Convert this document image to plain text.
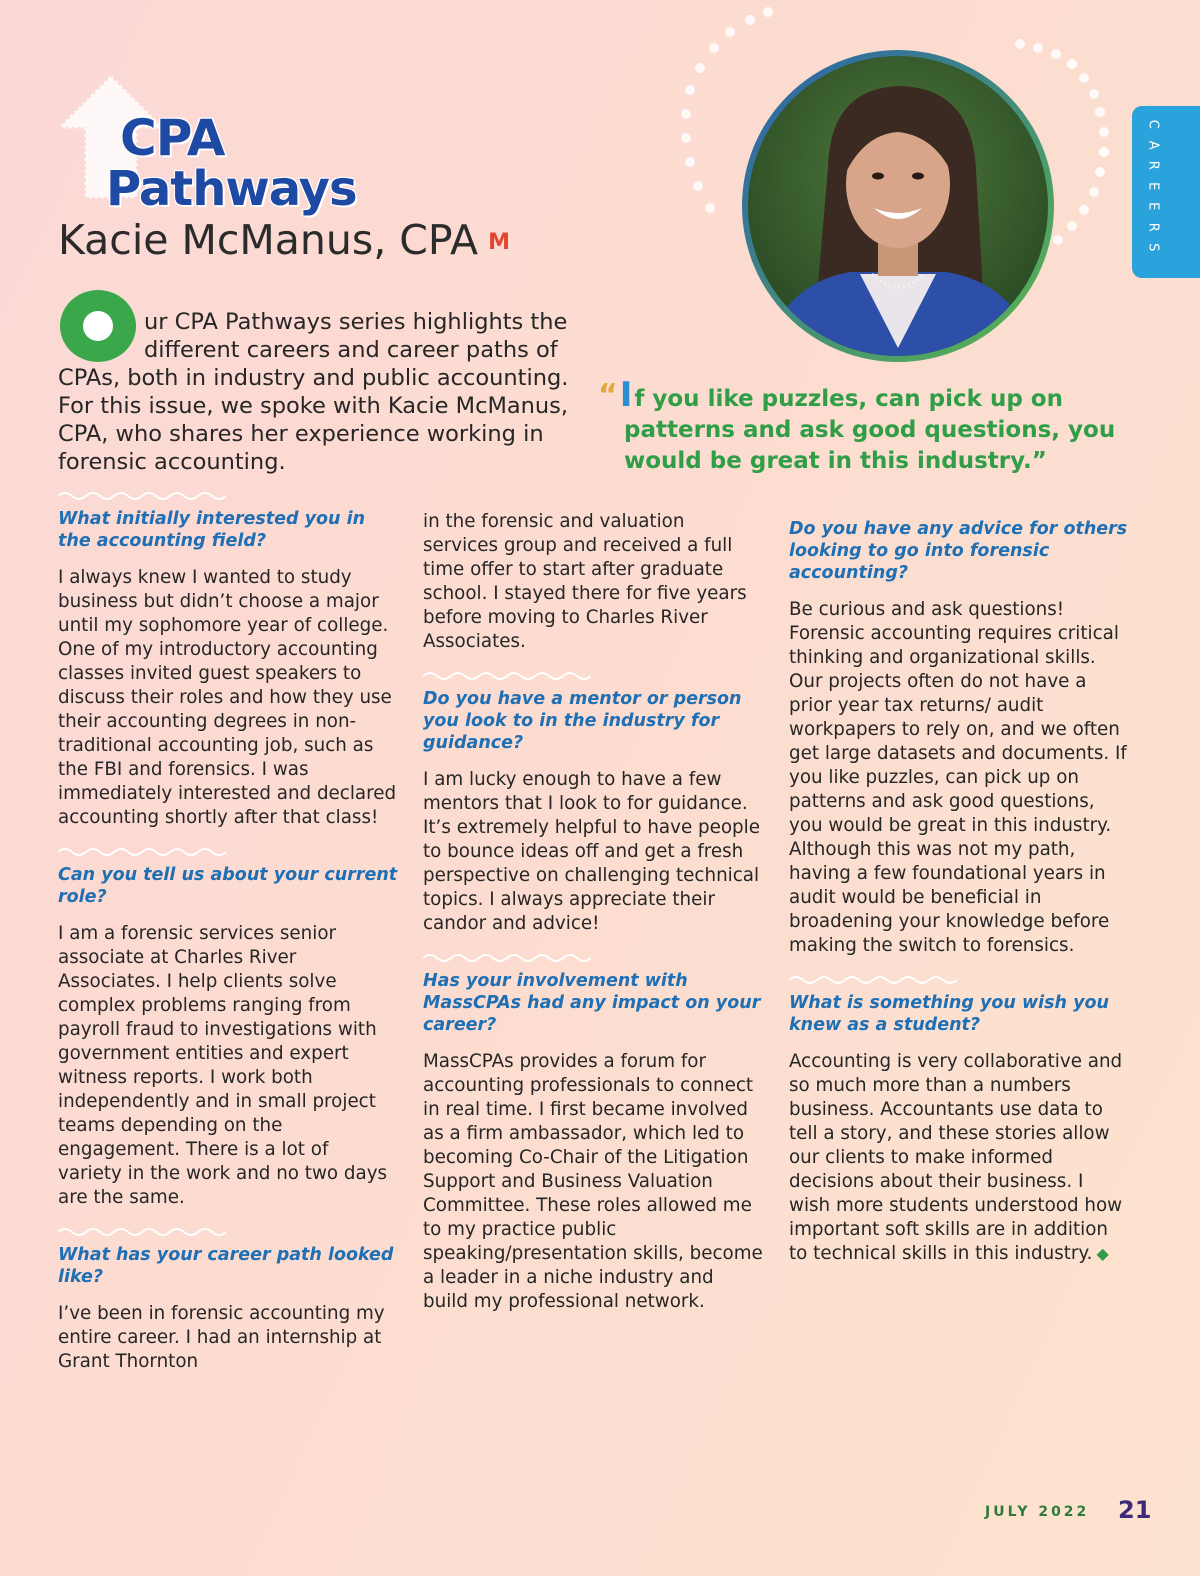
CPA
Pathways
Kacie McManus, CPA M
C
A
R
E
E
R
S

ur CPA Pathways series highlights the different careers and career paths of CPAs, both in industry and public accounting. For this issue, we spoke with Kacie McManus, CPA, who shares her experience working in forensic accounting.

“If you like puzzles, can pick up on
patterns and ask good questions, you
would be great in this industry.”

What initially interested you in the accounting field?

I always knew I wanted to study business but didn’t choose a major until my sophomore year of college. One of my introductory accounting classes invited guest speakers to discuss their roles and how they use their accounting degrees in non-traditional accounting job, such as the FBI and forensics. I was immediately interested and declared accounting shortly after that class!

Can you tell us about your current role?

I am a forensic services senior associate at Charles River Associates. I help clients solve complex problems ranging from payroll fraud to investigations with government entities and expert witness reports. I work both independently and in small project teams depending on the engagement. There is a lot of variety in the work and no two days are the same.

What has your career path looked like?

I’ve been in forensic accounting my entire career. I had an internship at Grant Thornton

in the forensic and valuation services group and received a full time offer to start after graduate school. I stayed there for five years before moving to Charles River Associates.

Do you have a mentor or person you look to in the industry for guidance?

I am lucky enough to have a few mentors that I look to for guidance. It’s extremely helpful to have people to bounce ideas off and get a fresh perspective on challenging technical topics. I always appreciate their candor and advice!

Has your involvement with MassCPAs had any impact on your career?

MassCPAs provides a forum for accounting professionals to connect in real time. I first became involved as a firm ambassador, which led to becoming Co-Chair of the Litigation Support and Business Valuation Committee. These roles allowed me to my practice public speaking/presentation skills, become a leader in a niche industry and build my professional network.

Do you have any advice for others looking to go into forensic accounting?

Be curious and ask questions! Forensic accounting requires critical thinking and organizational skills. Our projects often do not have a prior year tax returns/ audit workpapers to rely on, and we often get large datasets and documents. If you like puzzles, can pick up on patterns and ask good questions, you would be great in this industry. Although this was not my path, having a few foundational years in audit would be beneficial in broadening your knowledge before making the switch to forensics.

What is something you wish you knew as a student?

Accounting is very collaborative and so much more than a numbers business. Accountants use data to tell a story, and these stories allow our clients to make informed decisions about their business. I wish more students understood how important soft skills are in addition to technical skills in this industry. ◆

JULY 2022 21
